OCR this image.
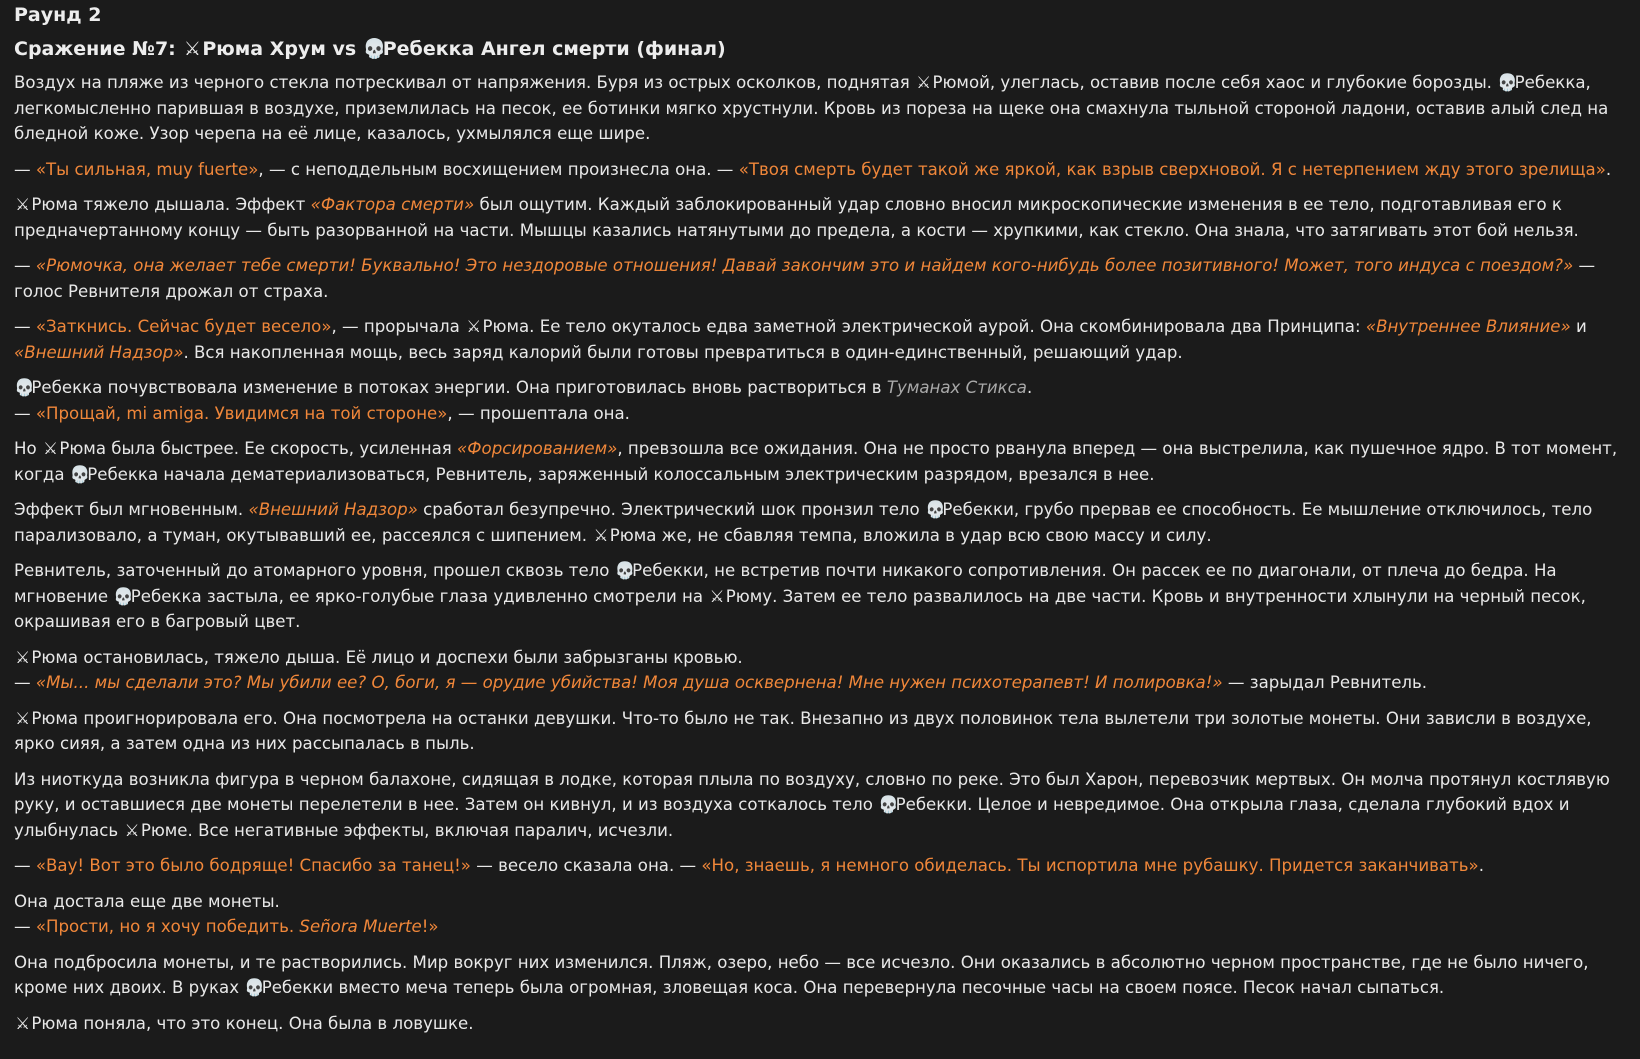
Раунд 2
Сражение №7: ⚔Рюма Хрум vs 💀Ребекка Ангел смерти (финал)

Воздух на пляже из черного стекла потрескивал от напряжения. Буря из острых осколков, поднятая ⚔Рюмой, улеглась, оставив после себя хаос и глубокие борозды. 💀Ребекка, легкомысленно парившая в воздухе, приземлилась на песок, ее ботинки мягко хрустнули. Кровь из пореза на щеке она смахнула тыльной стороной ладони, оставив алый след на бледной коже. Узор черепа на её лице, казалось, ухмылялся еще шире.

— «Ты сильная, muy fuerte», — с неподдельным восхищением произнесла она. — «Твоя смерть будет такой же яркой, как взрыв сверхновой. Я с нетерпением жду этого зрелища».

⚔Рюма тяжело дышала. Эффект «Фактора смерти» был ощутим. Каждый заблокированный удар словно вносил микроскопические изменения в ее тело, подготавливая его к предначертанному концу — быть разорванной на части. Мышцы казались натянутыми до предела, а кости — хрупкими, как стекло. Она знала, что затягивать этот бой нельзя.

— «Рюмочка, она желает тебе смерти! Буквально! Это нездоровые отношения! Давай закончим это и найдем кого-нибудь более позитивного! Может, того индуса с поездом?» — голос Ревнителя дрожал от страха.

— «Заткнись. Сейчас будет весело», — прорычала ⚔Рюма. Ее тело окуталось едва заметной электрической аурой. Она скомбинировала два Принципа: «Внутреннее Влияние» и «Внешний Надзор». Вся накопленная мощь, весь заряд калорий были готовы превратиться в один-единственный, решающий удар.

💀Ребекка почувствовала изменение в потоках энергии. Она приготовилась вновь раствориться в Туманах Стикса.
— «Прощай, mi amiga. Увидимся на той стороне», — прошептала она.

Но ⚔Рюма была быстрее. Ее скорость, усиленная «Форсированием», превзошла все ожидания. Она не просто рванула вперед — она выстрелила, как пушечное ядро. В тот момент, когда 💀Ребекка начала дематериализоваться, Ревнитель, заряженный колоссальным электрическим разрядом, врезался в нее.

Эффект был мгновенным. «Внешний Надзор» сработал безупречно. Электрический шок пронзил тело 💀Ребекки, грубо прервав ее способность. Ее мышление отключилось, тело парализовало, а туман, окутывавший ее, рассеялся с шипением. ⚔Рюма же, не сбавляя темпа, вложила в удар всю свою массу и силу.

Ревнитель, заточенный до атомарного уровня, прошел сквозь тело 💀Ребекки, не встретив почти никакого сопротивления. Он рассек ее по диагонали, от плеча до бедра. На мгновение 💀Ребекка застыла, ее ярко-голубые глаза удивленно смотрели на ⚔Рюму. Затем ее тело развалилось на две части. Кровь и внутренности хлынули на черный песок, окрашивая его в багровый цвет.

⚔Рюма остановилась, тяжело дыша. Её лицо и доспехи были забрызганы кровью.
— «Мы... мы сделали это? Мы убили ее? О, боги, я — орудие убийства! Моя душа осквернена! Мне нужен психотерапевт! И полировка!» — зарыдал Ревнитель.

⚔Рюма проигнорировала его. Она посмотрела на останки девушки. Что-то было не так. Внезапно из двух половинок тела вылетели три золотые монеты. Они зависли в воздухе, ярко сияя, а затем одна из них рассыпалась в пыль.

Из ниоткуда возникла фигура в черном балахоне, сидящая в лодке, которая плыла по воздуху, словно по реке. Это был Харон, перевозчик мертвых. Он молча протянул костлявую руку, и оставшиеся две монеты перелетели в нее. Затем он кивнул, и из воздуха соткалось тело 💀Ребекки. Целое и невредимое. Она открыла глаза, сделала глубокий вдох и улыбнулась ⚔Рюме. Все негативные эффекты, включая паралич, исчезли.

— «Вау! Вот это было бодряще! Спасибо за танец!» — весело сказала она. — «Но, знаешь, я немного обиделась. Ты испортила мне рубашку. Придется заканчивать».

Она достала еще две монеты.
— «Прости, но я хочу победить. Señora Muerte!»

Она подбросила монеты, и те растворились. Мир вокруг них изменился. Пляж, озеро, небо — все исчезло. Они оказались в абсолютно черном пространстве, где не было ничего, кроме них двоих. В руках 💀Ребекки вместо меча теперь была огромная, зловещая коса. Она перевернула песочные часы на своем поясе. Песок начал сыпаться.

⚔Рюма поняла, что это конец. Она была в ловушке.
